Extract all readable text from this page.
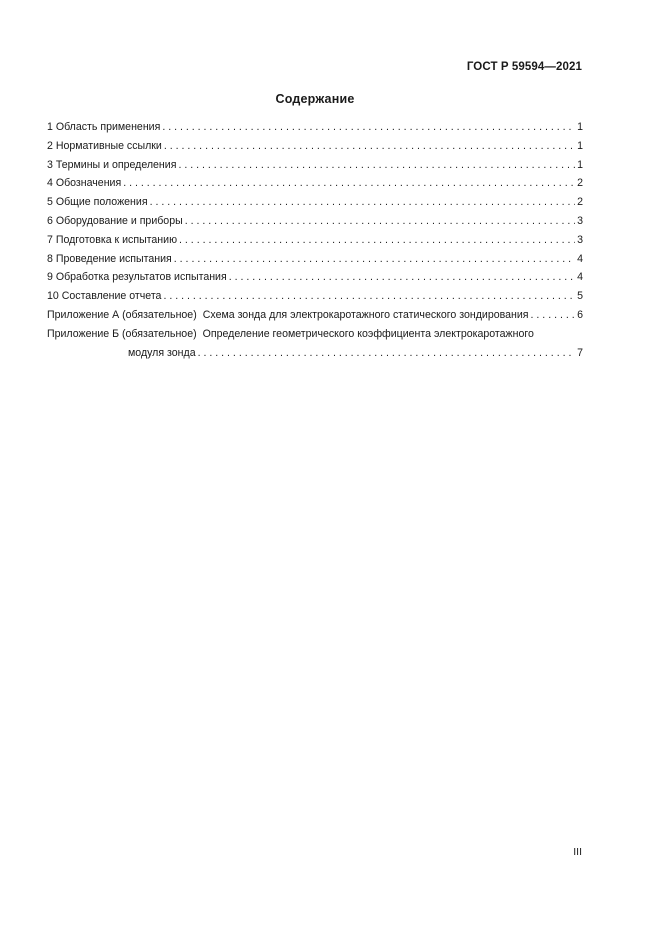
ГОСТ Р 59594—2021
Содержание
1 Область применения . . .	1
2 Нормативные ссылки . . .	1
3 Термины и определения . . .	1
4 Обозначения . . .	2
5 Общие положения . . .	2
6 Оборудование и приборы . . .	3
7 Подготовка к испытанию . . .	3
8 Проведение испытания . . .	4
9 Обработка результатов испытания . . .	4
10 Составление отчета . . .	5
Приложение А (обязательное) Схема зонда для электрокаротажного статического зондирования . . .	6
Приложение Б (обязательное) Определение геометрического коэффициента электрокаротажного
модуля зонда . . .	7
III
